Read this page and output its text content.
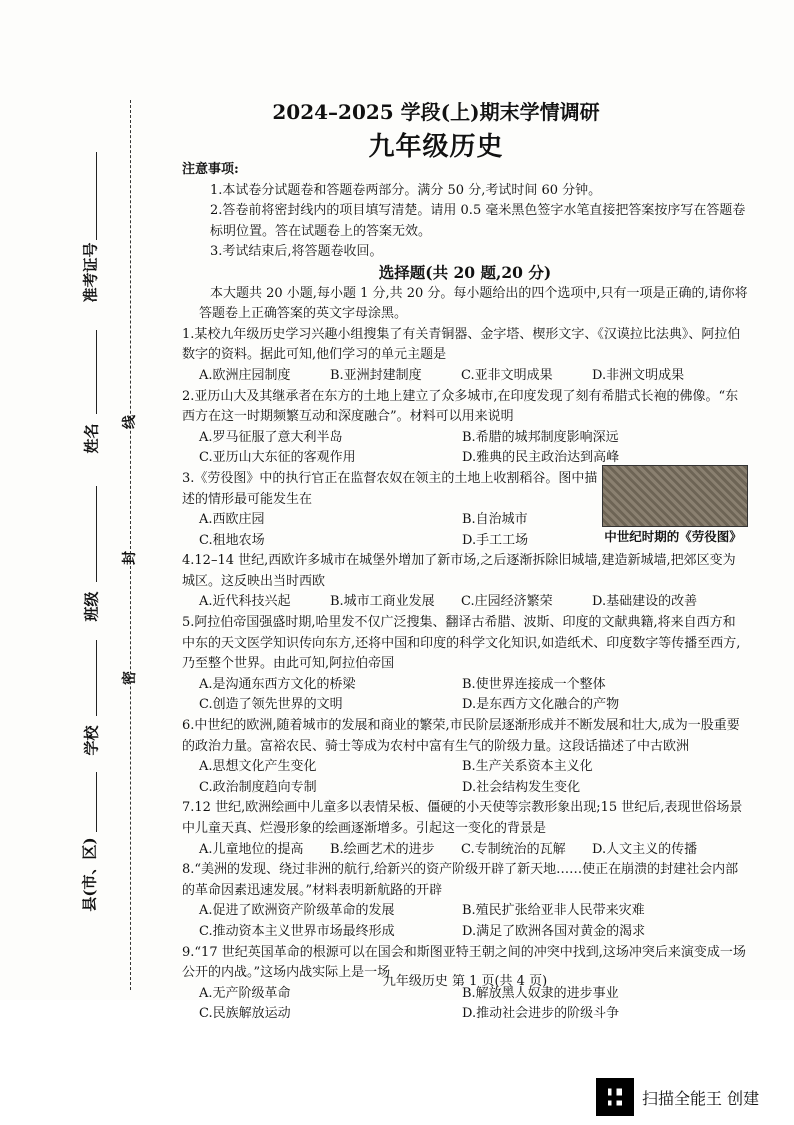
准考证号
姓名
班级
学校
县(市、区)
线
封
密
2024–2025 学段(上)期末学情调研
九年级历史

注意事项:

1.本试卷分试题卷和答题卷两部分。满分 50 分,考试时间 60 分钟。

2.答卷前将密封线内的项目填写清楚。请用 0.5 毫米黑色签字水笔直接把答案按序写在答题卷标明位置。答在试题卷上的答案无效。

3.考试结束后,将答题卷收回。

选择题(共 20 题,20 分)

本大题共 20 小题,每小题 1 分,共 20 分。每小题给出的四个选项中,只有一项是正确的,请你将答题卷上正确答案的英文字母涂黑。

1.某校九年级历史学习兴趣小组搜集了有关青铜器、金字塔、楔形文字、《汉谟拉比法典》、阿拉伯数字的资料。据此可知,他们学习的单元主题是

A.欧洲庄园制度	B.亚洲封建制度	C.亚非文明成果	D.非洲文明成果

2.亚历山大及其继承者在东方的土地上建立了众多城市,在印度发现了刻有希腊式长袍的佛像。“东西方在这一时期频繁互动和深度融合”。材料可以用来说明

A.罗马征服了意大利半岛	B.希腊的城邦制度影响深远
C.亚历山大东征的客观作用	D.雅典的民主政治达到高峰

3.《劳役图》中的执行官正在监督农奴在领主的土地上收割稻谷。图中描述的情形最可能发生在

A.西欧庄园	B.自治城市
C.租地农场	D.手工工场	中世纪时期的《劳役图》

4.12–14 世纪,西欧许多城市在城堡外增加了新市场,之后逐渐拆除旧城墙,建造新城墙,把郊区变为城区。这反映出当时西欧

A.近代科技兴起	B.城市工商业发展	C.庄园经济繁荣	D.基础建设的改善

5.阿拉伯帝国强盛时期,哈里发不仅广泛搜集、翻译古希腊、波斯、印度的文献典籍,将来自西方和中东的天文医学知识传向东方,还将中国和印度的科学文化知识,如造纸术、印度数字等传播至西方,乃至整个世界。由此可知,阿拉伯帝国

A.是沟通东西方文化的桥梁	B.使世界连接成一个整体
C.创造了领先世界的文明	D.是东西方文化融合的产物

6.中世纪的欧洲,随着城市的发展和商业的繁荣,市民阶层逐渐形成并不断发展和壮大,成为一股重要的政治力量。富裕农民、骑士等成为农村中富有生气的阶级力量。这段话描述了中古欧洲

A.思想文化产生变化	B.生产关系资本主义化
C.政治制度趋向专制	D.社会结构发生变化

7.12 世纪,欧洲绘画中儿童多以表情呆板、僵硬的小天使等宗教形象出现;15 世纪后,表现世俗场景中儿童天真、烂漫形象的绘画逐渐增多。引起这一变化的背景是

A.儿童地位的提高	B.绘画艺术的进步	C.专制统治的瓦解	D.人文主义的传播

8.“美洲的发现、绕过非洲的航行,给新兴的资产阶级开辟了新天地……使正在崩溃的封建社会内部的革命因素迅速发展。”材料表明新航路的开辟

A.促进了欧洲资产阶级革命的发展	B.殖民扩张给亚非人民带来灾难
C.推动资本主义世界市场最终形成	D.满足了欧洲各国对黄金的渴求

9.“17 世纪英国革命的根源可以在国会和斯图亚特王朝之间的冲突中找到,这场冲突后来演变成一场公开的内战。”这场内战实际上是一场

A.无产阶级革命	B.解放黑人奴隶的进步事业
C.民族解放运动	D.推动社会进步的阶级斗争
九年级历史 第 1 页(共 4 页)
扫描全能王 创建
